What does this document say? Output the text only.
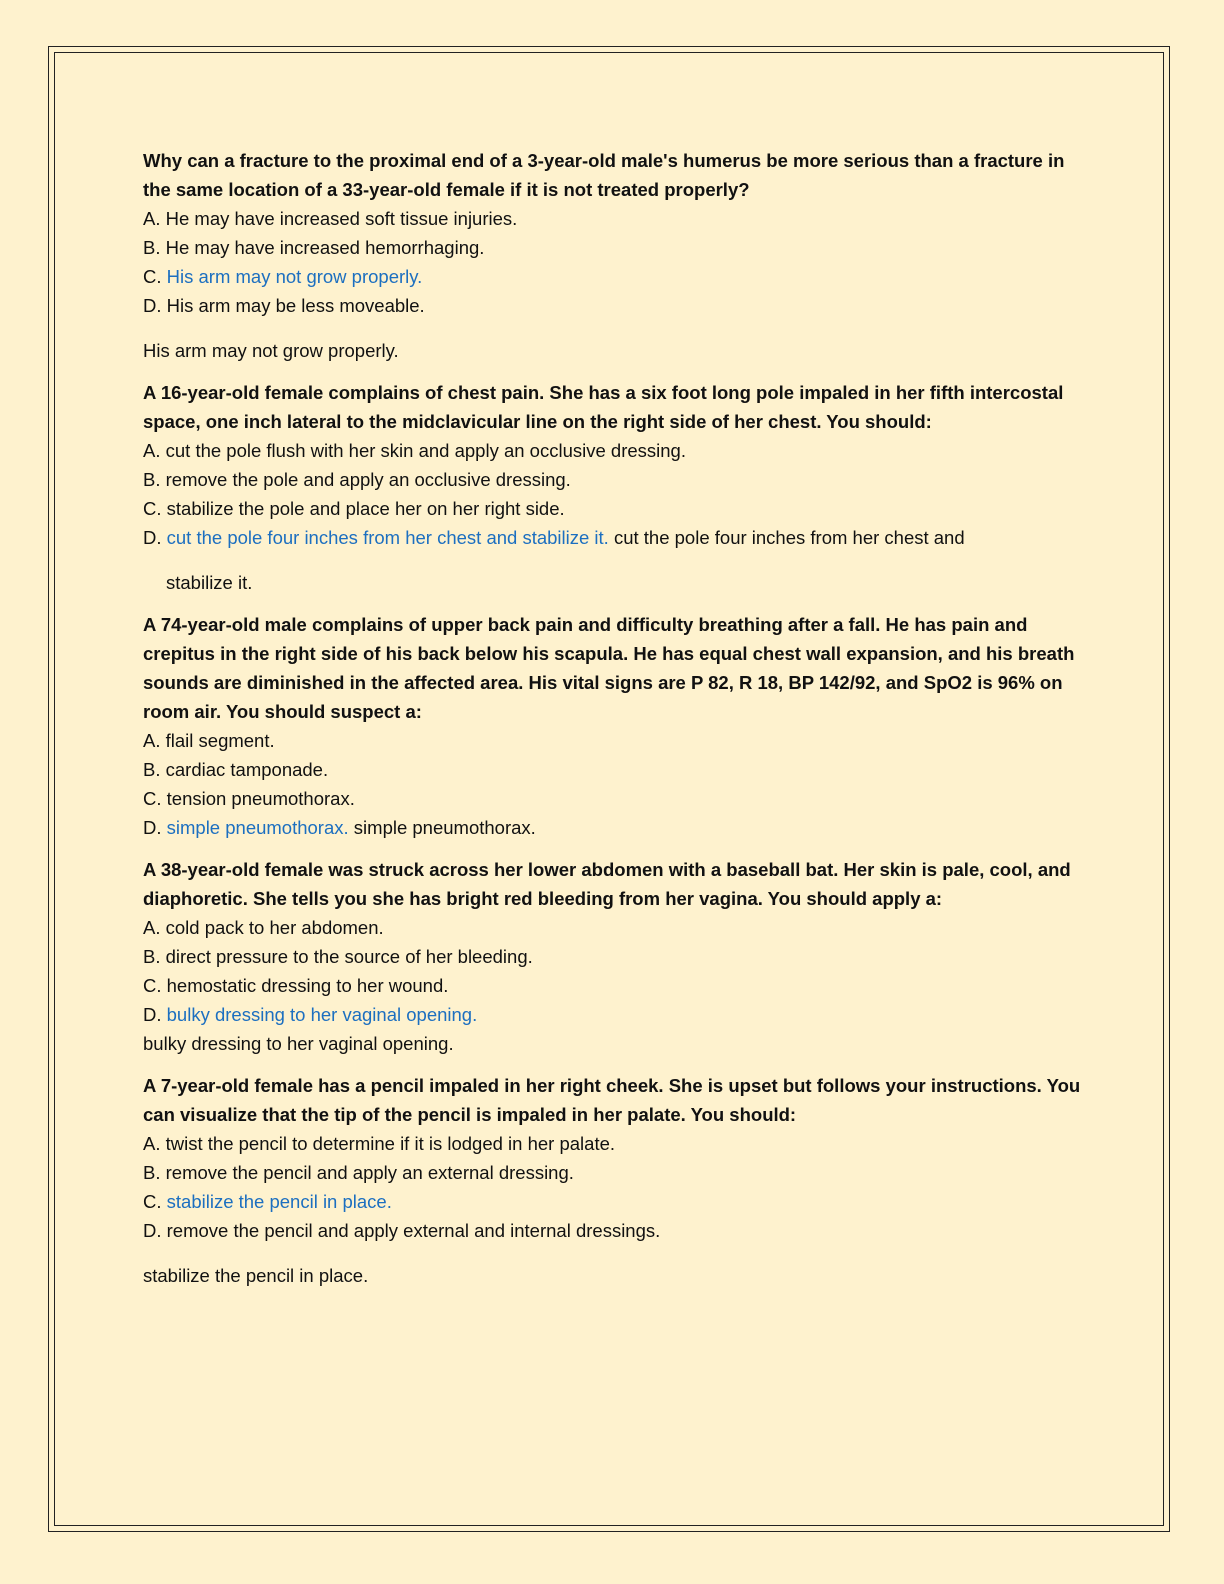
Why can a fracture to the proximal end of a 3-year-old male's humerus be more serious than a fracture in the same location of a 33-year-old female if it is not treated properly?

A. He may have increased soft tissue injuries.

B. He may have increased hemorrhaging.

C. His arm may not grow properly.

D. His arm may be less moveable.

His arm may not grow properly.

A 16-year-old female complains of chest pain. She has a six foot long pole impaled in her fifth intercostal space, one inch lateral to the midclavicular line on the right side of her chest. You should:

A. cut the pole flush with her skin and apply an occlusive dressing.

B. remove the pole and apply an occlusive dressing.

C. stabilize the pole and place her on her right side.

D. cut the pole four inches from her chest and stabilize it. cut the pole four inches from her chest and

stabilize it.

A 74-year-old male complains of upper back pain and difficulty breathing after a fall. He has pain and crepitus in the right side of his back below his scapula. He has equal chest wall expansion, and his breath sounds are diminished in the affected area. His vital signs are P 82, R 18, BP 142/92, and SpO2 is 96% on room air. You should suspect a:

A. flail segment.

B. cardiac tamponade.

C. tension pneumothorax.

D. simple pneumothorax. simple pneumothorax.

A 38-year-old female was struck across her lower abdomen with a baseball bat. Her skin is pale, cool, and diaphoretic. She tells you she has bright red bleeding from her vagina. You should apply a:

A. cold pack to her abdomen.

B. direct pressure to the source of her bleeding.

C. hemostatic dressing to her wound.

D. bulky dressing to her vaginal opening.

bulky dressing to her vaginal opening.

A 7-year-old female has a pencil impaled in her right cheek. She is upset but follows your instructions. You can visualize that the tip of the pencil is impaled in her palate. You should:

A. twist the pencil to determine if it is lodged in her palate.

B. remove the pencil and apply an external dressing.

C. stabilize the pencil in place.

D. remove the pencil and apply external and internal dressings.

stabilize the pencil in place.
